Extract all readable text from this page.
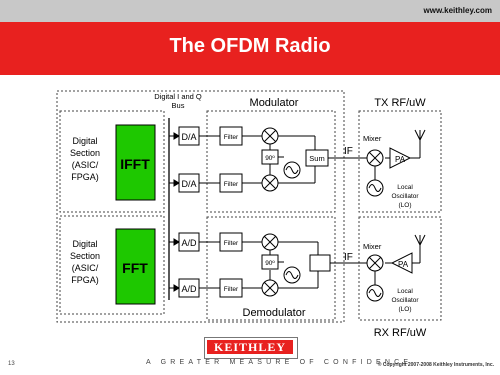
www.keithley.com
The OFDM Radio
Digital I and Q
Bus	Modulator	TX RF/uW
Demodulator
RX RF/uW
Digital
Section
(ASIC/
FPGA)
IFFT
Digital
Section
(ASIC/
FPGA)
FFT
D/A
D/A
A/D
A/D
Filter
Filter
Filter
Filter
90º	Sum
90º
IF
IF
Mixer
PA
Local
Oscillator
(LO)
Mixer
PA
Local
Oscillator
(LO)
KEITHLEY
13	A GREATER MEASURE OF CONFIDENCE
© Copyright 2007-2008 Keithley Instruments, Inc.
